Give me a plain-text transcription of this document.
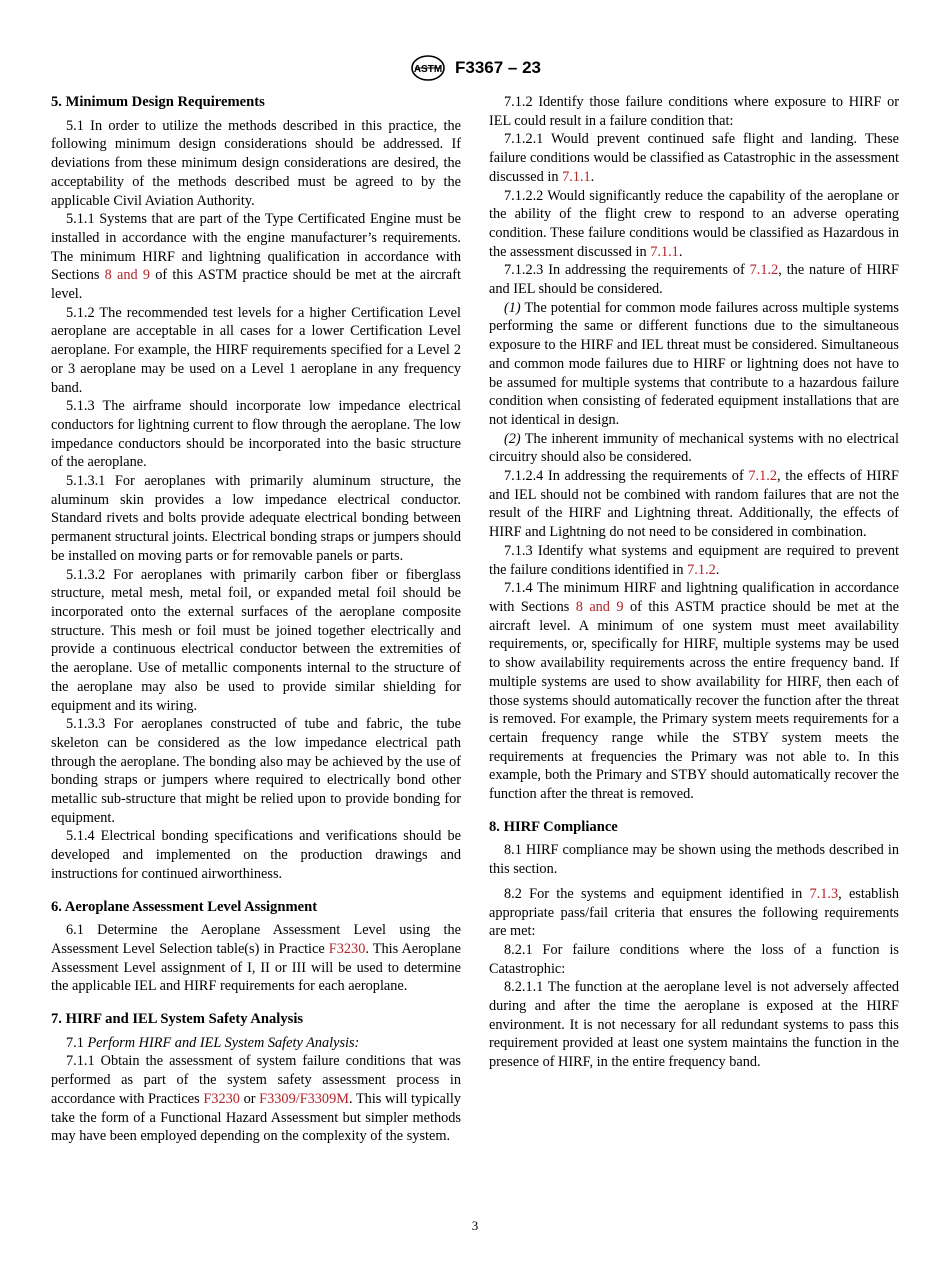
ASTM F3367 – 23
5. Minimum Design Requirements

5.1 In order to utilize the methods described in this practice, the following minimum design considerations should be addressed. If deviations from these minimum design considerations are desired, the acceptability of the methods described must be agreed to by the applicable Civil Aviation Authority.

5.1.1 Systems that are part of the Type Certificated Engine must be installed in accordance with the engine manufacturer’s requirements. The minimum HIRF and lightning qualification in accordance with Sections 8 and 9 of this ASTM practice should be met at the aircraft level.

5.1.2 The recommended test levels for a higher Certification Level aeroplane are acceptable in all cases for a lower Certification Level aeroplane. For example, the HIRF requirements specified for a Level 2 or 3 aeroplane may be used on a Level 1 aeroplane in any frequency band.

5.1.3 The airframe should incorporate low impedance electrical conductors for lightning current to flow through the aeroplane. The low impedance conductors should be incorporated into the basic structure of the aeroplane.

5.1.3.1 For aeroplanes with primarily aluminum structure, the aluminum skin provides a low impedance electrical conductor. Standard rivets and bolts provide adequate electrical bonding between permanent structural joints. Electrical bonding straps or jumpers should be installed on moving parts or for removable panels or parts.

5.1.3.2 For aeroplanes with primarily carbon fiber or fiberglass structure, metal mesh, metal foil, or expanded metal foil should be incorporated onto the external surfaces of the aeroplane composite structure. This mesh or foil must be joined together electrically and provide a continuous electrical conductor between the extremities of the aeroplane. Use of metallic components internal to the structure of the aeroplane may also be used to provide similar shielding for equipment and its wiring.

5.1.3.3 For aeroplanes constructed of tube and fabric, the tube skeleton can be considered as the low impedance electrical path through the aeroplane. The bonding also may be achieved by the use of bonding straps or jumpers where required to electrically bond other metallic sub-structure that might be relied upon to provide bonding for equipment.

5.1.4 Electrical bonding specifications and verifications should be developed and implemented on the production drawings and instructions for continued airworthiness.

6. Aeroplane Assessment Level Assignment

6.1 Determine the Aeroplane Assessment Level using the Assessment Level Selection table(s) in Practice F3230. This Aeroplane Assessment Level assignment of I, II or III will be used to determine the applicable IEL and HIRF requirements for each aeroplane.

7. HIRF and IEL System Safety Analysis

7.1 Perform HIRF and IEL System Safety Analysis:

7.1.1 Obtain the assessment of system failure conditions that was performed as part of the system safety assessment process in accordance with Practices F3230 or F3309/F3309M. This will typically take the form of a Functional Hazard Assessment but simpler methods may have been employed depending on the complexity of the system.

7.1.2 Identify those failure conditions where exposure to HIRF or IEL could result in a failure condition that:

7.1.2.1 Would prevent continued safe flight and landing. These failure conditions would be classified as Catastrophic in the assessment discussed in 7.1.1.

7.1.2.2 Would significantly reduce the capability of the aeroplane or the ability of the flight crew to respond to an adverse operating condition. These failure conditions would be classified as Hazardous in the assessment discussed in 7.1.1.

7.1.2.3 In addressing the requirements of 7.1.2, the nature of HIRF and IEL should be considered.

(1) The potential for common mode failures across multiple systems performing the same or different functions due to the simultaneous exposure to the HIRF and IEL threat must be considered. Simultaneous and common mode failures due to HIRF or lightning does not have to be assumed for multiple systems that contribute to a hazardous failure condition when consisting of federated equipment installations that are not identical in design.

(2) The inherent immunity of mechanical systems with no electrical circuitry should also be considered.

7.1.2.4 In addressing the requirements of 7.1.2, the effects of HIRF and IEL should not be combined with random failures that are not the result of the HIRF and Lightning threat. Additionally, the effects of HIRF and Lightning do not need to be considered in combination.

7.1.3 Identify what systems and equipment are required to prevent the failure conditions identified in 7.1.2.

7.1.4 The minimum HIRF and lightning qualification in accordance with Sections 8 and 9 of this ASTM practice should be met at the aircraft level. A minimum of one system must meet availability requirements, or, specifically for HIRF, multiple systems may be used to show availability requirements across the entire frequency band. If multiple systems are used to show availability for HIRF, then each of those systems should automatically recover the function after the threat is removed. For example, the Primary system meets requirements for a certain frequency range while the STBY system meets the requirements at frequencies the Primary was not able to. In this example, both the Primary and STBY should automatically recover the function after the threat is removed.

8. HIRF Compliance

8.1 HIRF compliance may be shown using the methods described in this section.

8.2 For the systems and equipment identified in 7.1.3, establish appropriate pass/fail criteria that ensures the following requirements are met:

8.2.1 For failure conditions where the loss of a function is Catastrophic:

8.2.1.1 The function at the aeroplane level is not adversely affected during and after the time the aeroplane is exposed at the HIRF environment. It is not necessary for all redundant systems to pass this requirement provided at least one system maintains the function in the presence of HIRF, in the entire frequency band.

3
